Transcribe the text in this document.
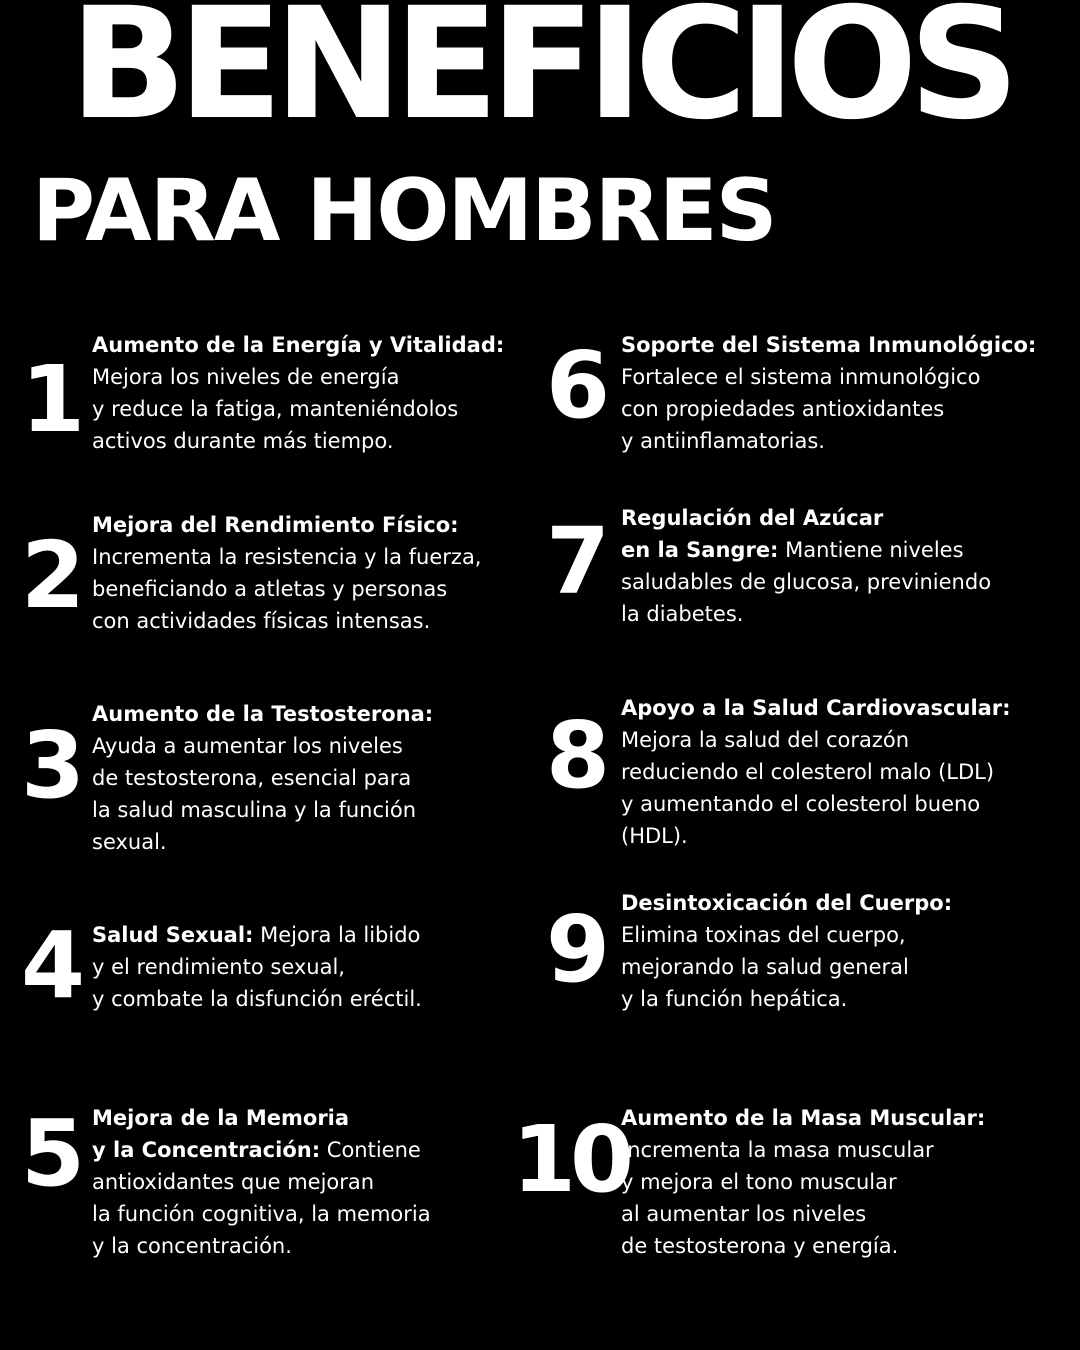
BENEFICIOS
PARA HOMBRES
1
Aumento de la Energía y Vitalidad:
Mejora los niveles de energía
y reduce la fatiga, manteniéndolos
activos durante más tiempo.
2 Mejora del Rendimiento Físico:
Incrementa la resistencia y la fuerza,
beneficiando a atletas y personas
con actividades físicas intensas.
3 Aumento de la Testosterona:
Ayuda a aumentar los niveles
de testosterona, esencial para
la salud masculina y la función
sexual.
4 Salud Sexual: Mejora la libido
y el rendimiento sexual,
y combate la disfunción eréctil.
5 Mejora de la Memoria
y la Concentración: Contiene
antioxidantes que mejoran
la función cognitiva, la memoria
y la concentración.
6 Soporte del Sistema Inmunológico:
Fortalece el sistema inmunológico
con propiedades antioxidantes
y antiinflamatorias.
7 Regulación del Azúcar
en la Sangre: Mantiene niveles
saludables de glucosa, previniendo
la diabetes.
8 Apoyo a la Salud Cardiovascular:
Mejora la salud del corazón
reduciendo el colesterol malo (LDL)
y aumentando el colesterol bueno
(HDL).
9 Desintoxicación del Cuerpo:
Elimina toxinas del cuerpo,
mejorando la salud general
y la función hepática.
10
Aumento de la Masa Muscular:
Incrementa la masa muscular
y mejora el tono muscular
al aumentar los niveles
de testosterona y energía.
